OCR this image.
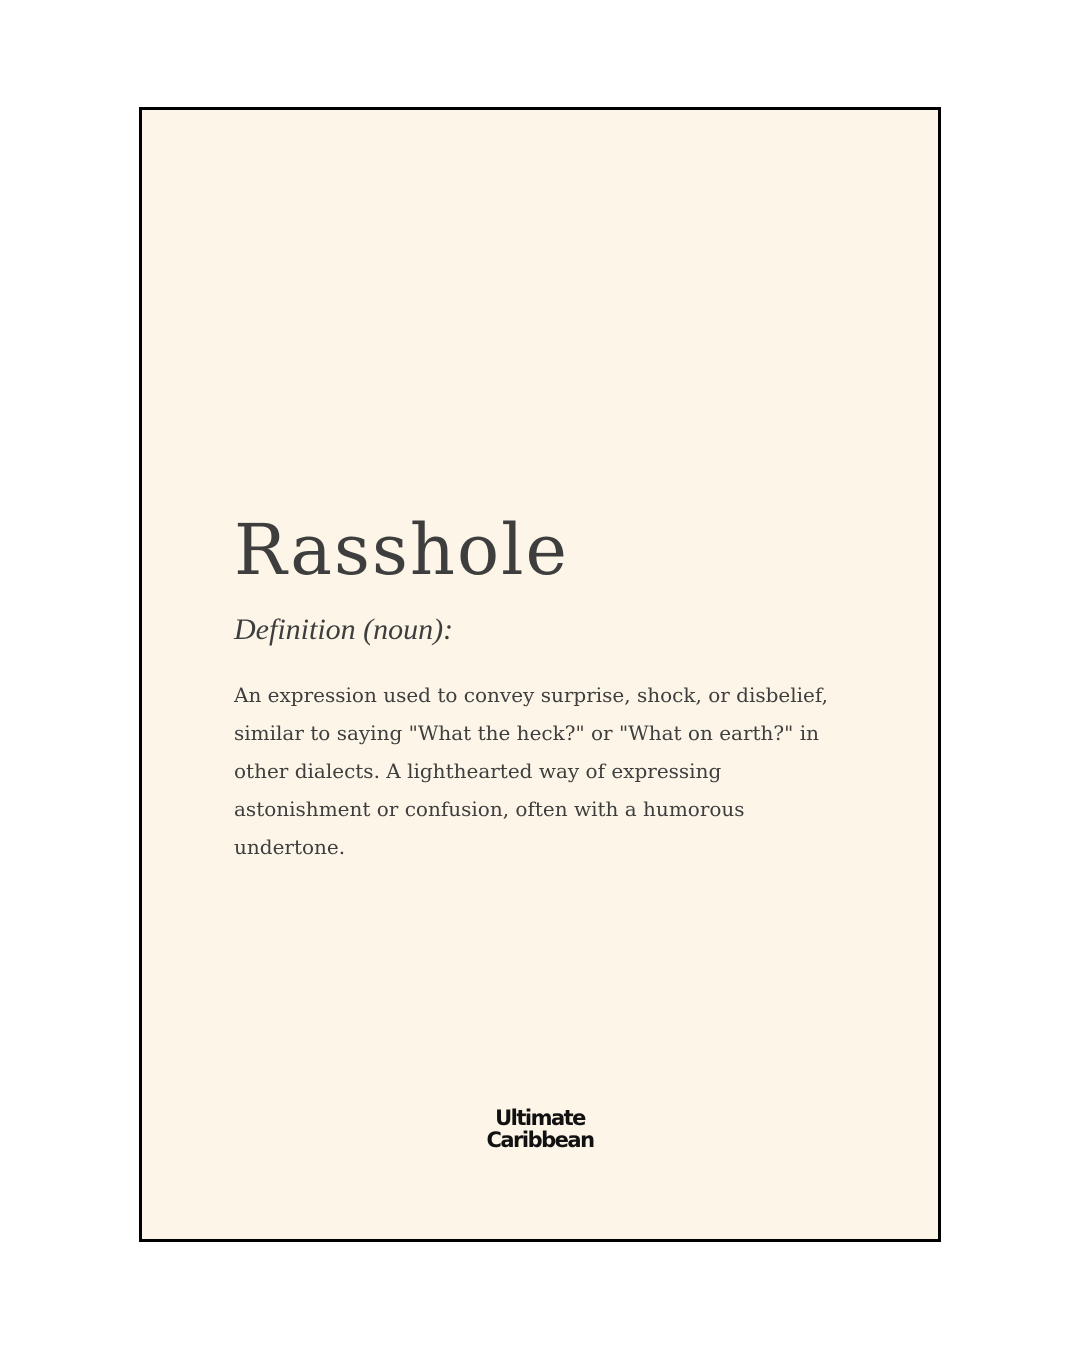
Rasshole
Definition (noun):
An expression used to convey surprise, shock, or disbelief, similar to saying "What the heck?" or "What on earth?" in other dialects. A lighthearted way of expressing astonishment or confusion, often with a humorous undertone.
Ultimate
Caribbean
